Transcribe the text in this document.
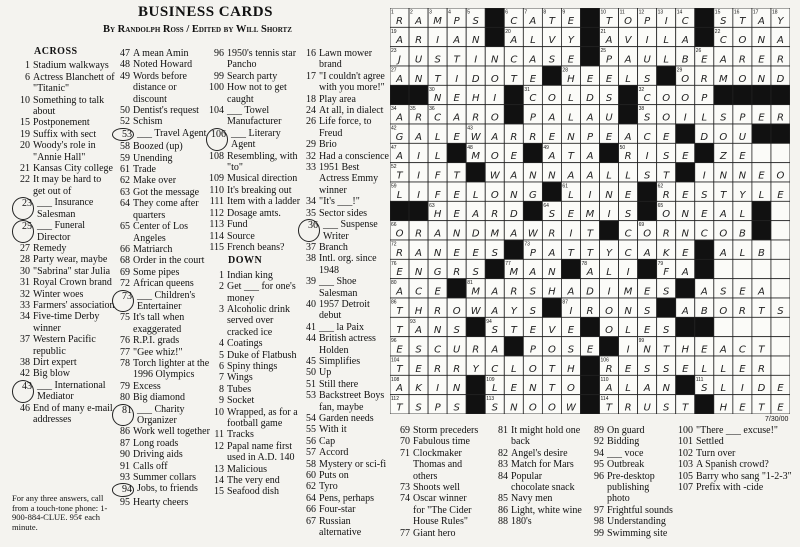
BUSINESS CARDS
By Randolph Ross / Edited by Will Shortz
ACROSS
1 Stadium walkways
6 Actress Blanchett of "Titanic"
10 Something to talk about
15 Postponement
19 Suffix with sect
20 Woody's role in "Annie Hall"
21 Kansas City college
22 It may be hard to get out of
23 ___ Insurance Salesman
25 ___ Funeral Director
27 Remedy
28 Party wear, maybe
30 "Sabrina" star Julia
31 Royal Crown brand
32 Winter woes
33 Farmers' association
34 Five-time Derby winner
37 Western Pacific republic
38 Dirt expert
42 Big blow
43 ___ International Mediator
46 End of many e-mail addresses
47 A mean Amin
48 Noted Howard
49 Words before distance or discount
50 Dentist's request
52 Schism
53 ___ Travel Agent
58 Boozed (up)
59 Unending
61 Trade
62 Make over
63 Got the message
64 They come after quarters
65 Center of Los Angeles
66 Matriarch
68 Order in the court
69 Some pipes
72 African queens
73 ___ Children's Entertainer
75 It's tall when exaggerated
76 R.P.I. grads
77 "Gee whiz!"
78 Torch lighter at the 1996 Olympics
79 Excess
80 Big diamond
81 ___ Charity Organizer
86 Work well together
87 Long roads
90 Driving aids
91 Calls off
93 Summer collars
94 Jobs, to friends
95 Hearty cheers
96 1950's tennis star Pancho
99 Search party
100 How not to get caught
104 ___ Towel Manufacturer
106 ___ Literary Agent
108 Resembling, with "to"
109 Musical direction
110 It's breaking out
111 Item with a ladder
112 Dosage amts.
113 Fund
114 Source
115 French beans?
DOWN
1 Indian king
2 Get ___ for one's money
3 Alcoholic drink served over cracked ice
4 Coatings
5 Duke of Flatbush
6 Spiny things
7 Wings
8 Tubes
9 Socket
10 Wrapped, as for a football game
11 Tracks
12 Papal name first used in A.D. 140
13 Malicious
14 The very end
15 Seafood dish
16 Lawn mower brand
17 "I couldn't agree with you more!"
18 Play area
24 At all, in dialect
26 Life force, to Freud
29 Brio
32 Had a conscience
33 1951 Best Actress Emmy winner
34 "It's ___!"
35 Sector sides
36 ___ Suspense Writer
37 Branch
38 Intl. org. since 1948
39 ___ Shoe Salesman
40 1957 Detroit debut
41 ___ la Paix
44 British actress Holden
45 Simplifies
50 Up
51 Still there
53 Backstreet Boys fan, maybe
54 Garden needs
55 With it
56 Cap
57 Accord
58 Mystery or sci-fi
60 Puts on
62 Tyro
64 Pens, perhaps
66 Four-star
67 Russian alternative
69 Storm preceders
70 Fabulous time
71 Clockmaker Thomas and others
73 Shoots well
74 Oscar winner for "The Cider House Rules"
77 Giant hero
81 It might hold one back
82 Angel's desire
83 Match for Mars
84 Popular chocolate snack
85 Navy men
86 Light, white wine
88 180's
89 On guard
92 Bidding
94 ___ voce
95 Outbreak
96 Pre-desktop publishing photo
97 Frightful sounds
98 Understanding
99 Swimming site
100 "There ___ excuse!"
101 Settled
102 Turn over
103 A Spanish crowd?
105 Barry who sang "1-2-3"
107 Prefix with -cide
For any three answers, call from a touch-tone phone: 1-900-884-CLUE. 95¢ each minute.
1
R
2
A
3
M
4
P
5
S
6
C
7
A
8
T
9
E
10
T
11
O
12
P
13
I
14
C
15
S
16
T
17
A
18
Y
19
A R I A N
20
A L V Y
21
A V I L A
22
C O N A
23
J U S T I N C A S E
25
P A U L B
26
E A R E R
27
A N T I D O T E
28
H E E L S
29
O R M O N D
30
N E H I
31
C O L D S
32
C O O P
34
A
35
R
36
C A R O	P A L A U
38
S O I L S P E R
42
G A L E
43
W A R R E N P E A C E	D O U
47
A I L
48
M O E
49
A T A
50
R I S E	Z E
52
T I F T	W A N N A A L L S T	I N N E O
59
L I F E L O N G
61
L I N E
62
R E S T Y L E
63
H E A R D
64
S E M I S
65
O N E A L
66
O R A N D M A W R I T	C
69
O R N C O B
72
R A N E E S
73
P A T T Y C A K E	A L B
76
E N G R S
77
M A N
78
A L I
79
F A
80
A C E
81
M A R S H A D I M E S	A S E A
86
T H R O W A Y S
87
I R O N S	A B O R T S
T
93
A N S
94
S T E V E	O L E S
96
E S C U R A	P O S E	I
99
N T H E A C T
104
T E R R Y C L O T H
106
R E S S E L L E R
108
A K I N
109
L E N T O
110
A L A N
111
S L I D E
112
T S P S
113
S N O O W
114
T R U S T	H E T E
7/30/00
